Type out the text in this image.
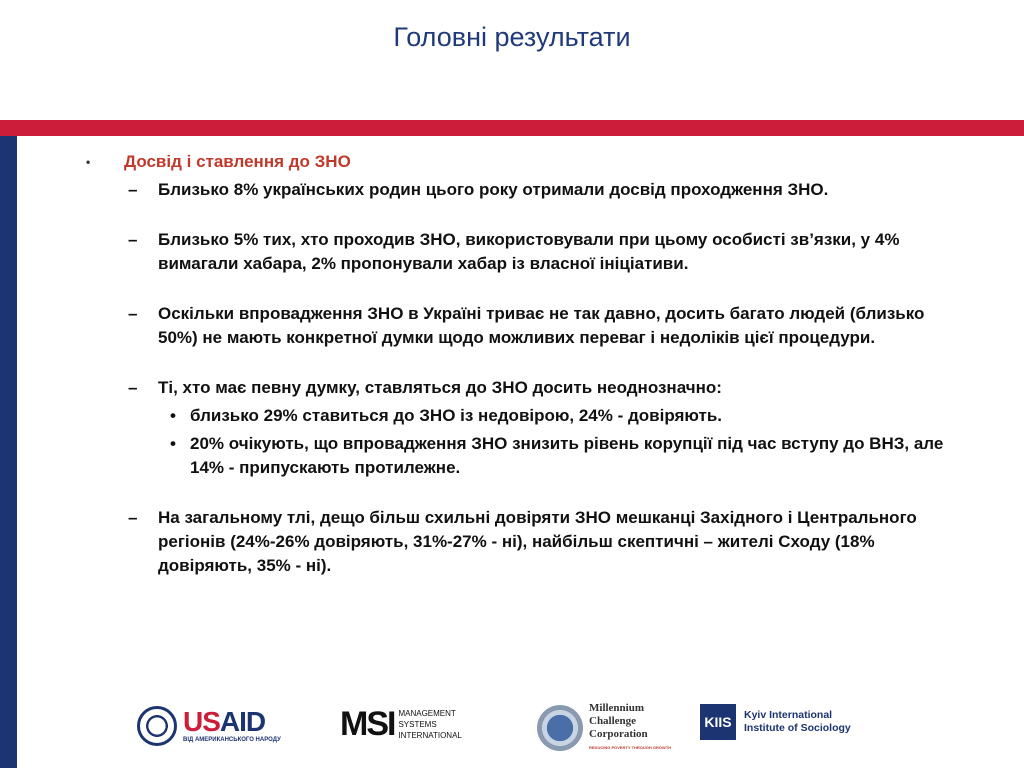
Головні результати
•	Досвід і ставлення до ЗНО
–	Близько 8% українських родин цього року отримали досвід проходження ЗНО.
–	Близько 5% тих, хто проходив ЗНО, використовували при цьому особисті зв’язки, у 4% вимагали хабара, 2% пропонували хабар із власної ініціативи.
–	Оскільки впровадження ЗНО в Україні триває не так давно, досить багато людей (близько 50%) не мають конкретної думки щодо можливих переваг і недоліків цієї процедури.
–	Ті, хто має певну думку, ставляться до ЗНО досить неоднозначно:
• близько 29% ставиться до ЗНО із недовірою, 24% - довіряють.
• 20% очікують, що впровадження ЗНО знизить рівень корупції під час вступу до ВНЗ, але 14% - припускають протилежне.
–	На загальному тлі, дещо більш схильні довіряти ЗНО мешканці Західного і Центрального регіонів (24%-26% довіряють, 31%-27% - ні), найбільш скептичні – жителі Сходу (18% довіряють, 35% - ні).
USAID
ВІД АМЕРИКАНСЬКОГО НАРОДУ MSI MANAGEMENT
SYSTEMS
INTERNATIONAL
Millennium
Challenge
Corporation
REDUCING POVERTY THROUGH GROWTH
KIIS	Kyiv International
Institute of Sociology
